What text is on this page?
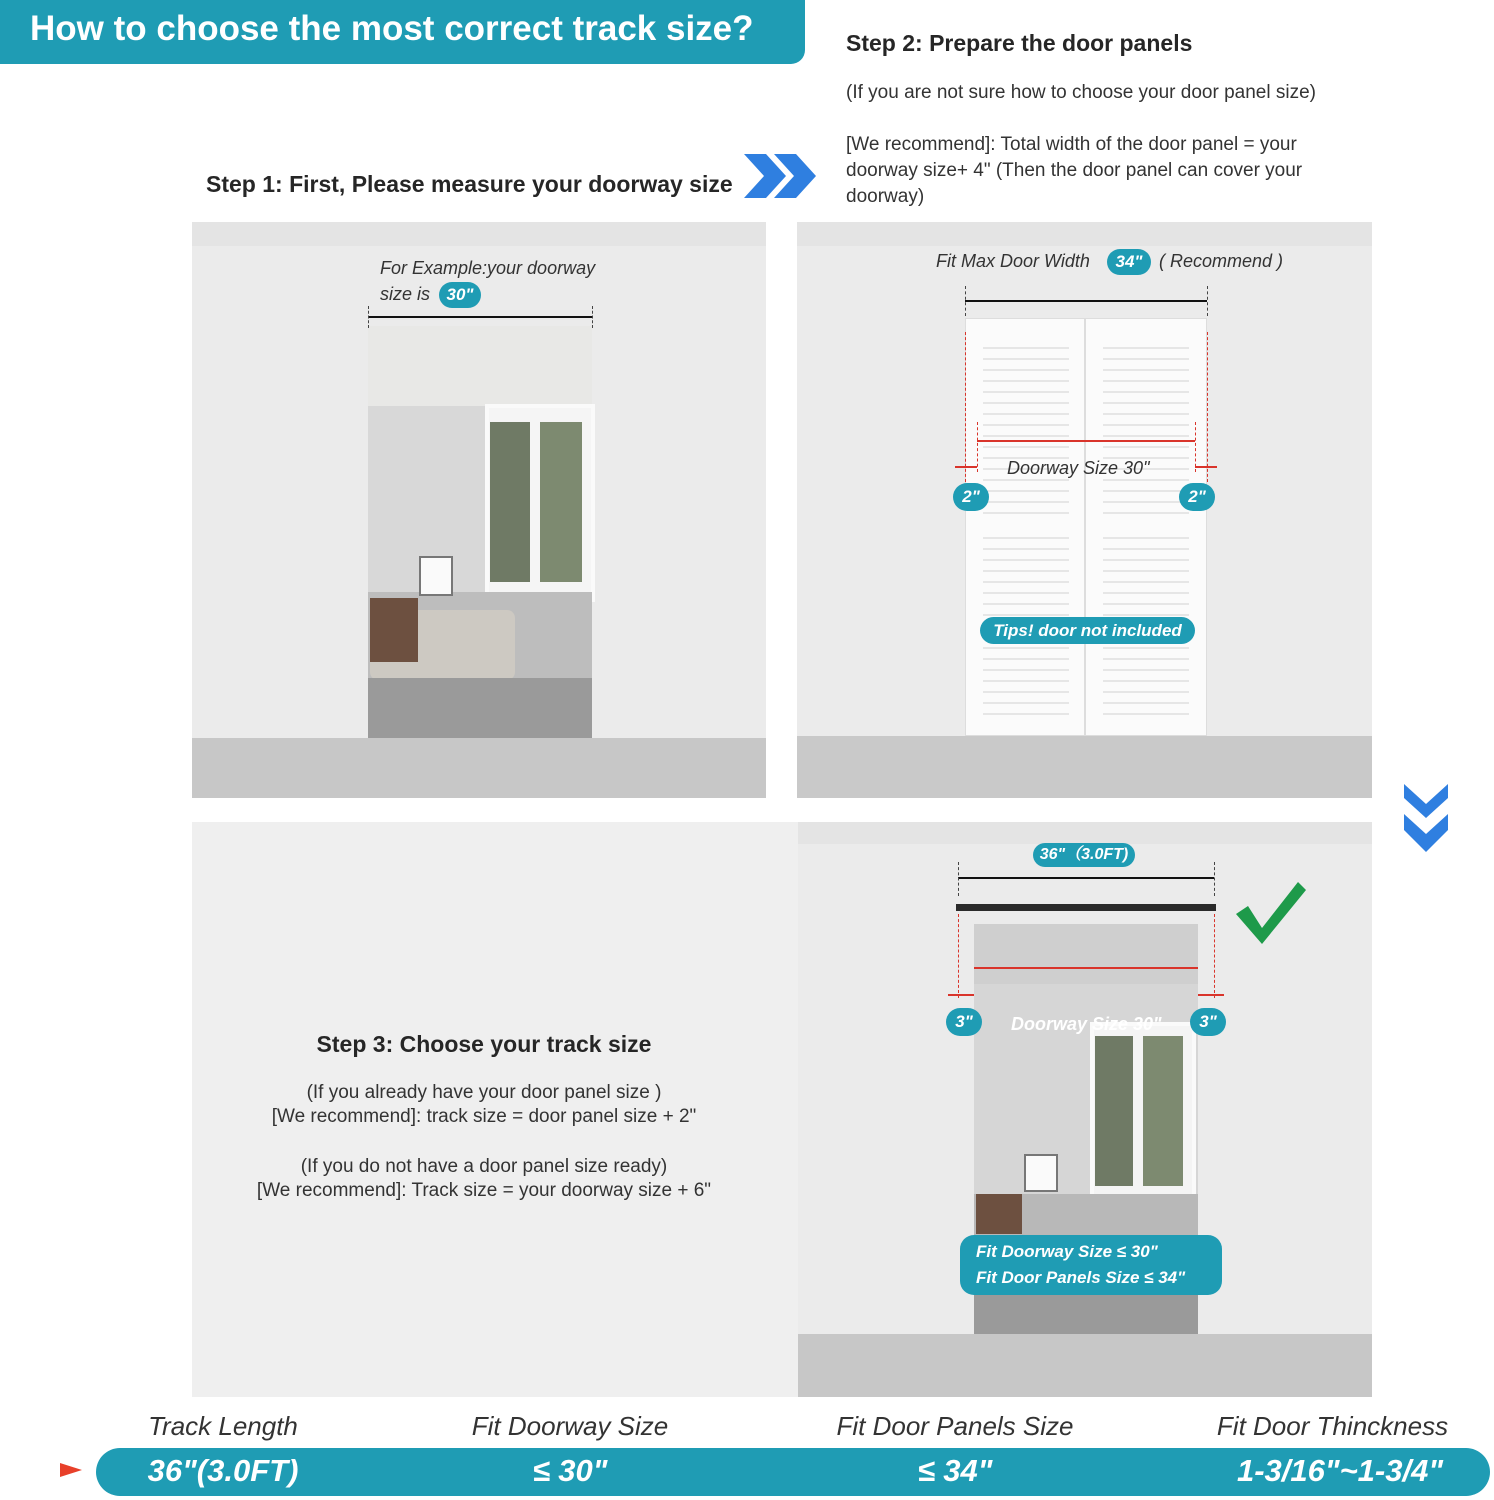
How to choose the most correct track size?	Step 2: Prepare the door panels
(If you are not sure how to choose your door panel size)
[We recommend]: Total width of the door panel = your doorway size+ 4" (Then the door panel can cover your doorway)
Step 1: First, Please measure your doorway size
For Example:your doorway
size is 30"
Fit Max Door Width	34" ( Recommend )
Doorway Size 30"
2"	2"
Tips! door not included
Step 3: Choose your track size
(If you already have your door panel size )
[We recommend]: track size = door panel size + 2"
(If you do not have a door panel size ready)
[We recommend]: Track size = your doorway size + 6"
36"（3.0FT)
Doorway Size 30"
3"	3"
Fit Doorway Size ≤ 30"
Fit Door Panels Size ≤ 34"
Track Length	Fit Doorway Size	Fit Door Panels Size	Fit Door Thinckness
36"(3.0FT)	≤ 30"	≤ 34"	1-3/16"~1-3/4"
